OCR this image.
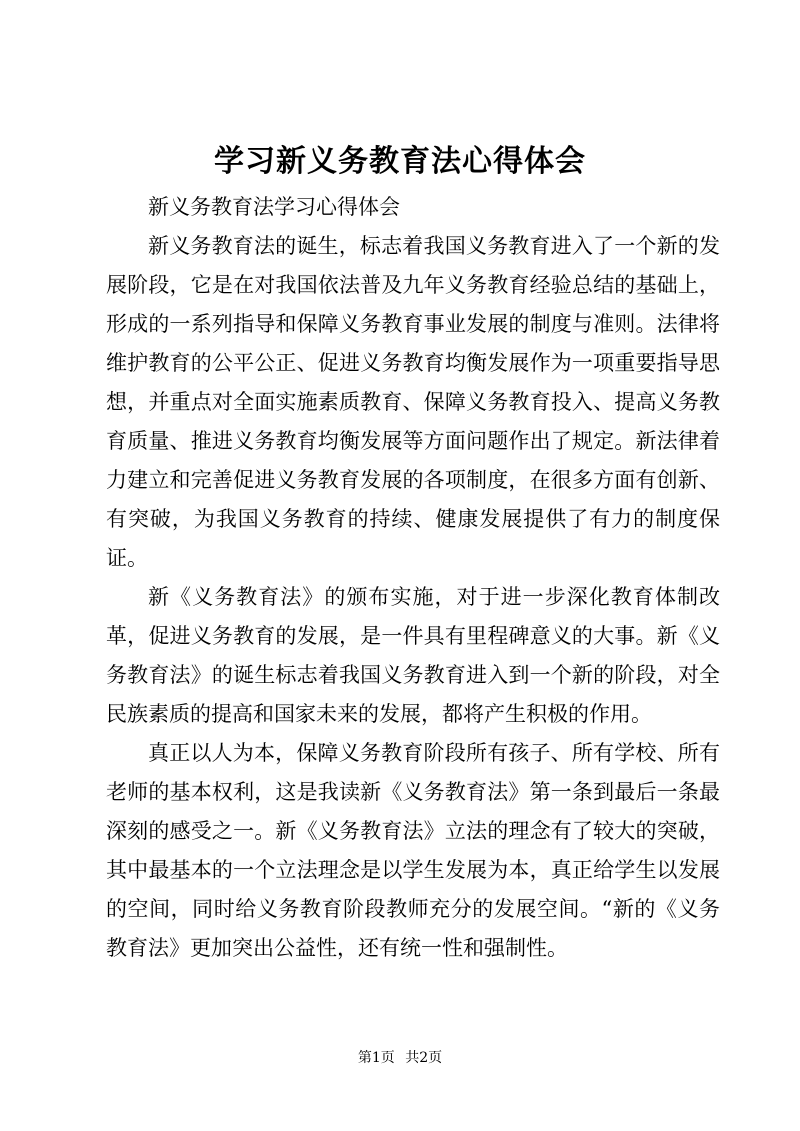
学习新义务教育法心得体会

新义务教育法学习心得体会

新义务教育法的诞生，标志着我国义务教育进入了一个新的发展阶段，它是在对我国依法普及九年义务教育经验总结的基础上，形成的一系列指导和保障义务教育事业发展的制度与准则。法律将维护教育的公平公正、促进义务教育均衡发展作为一项重要指导思想，并重点对全面实施素质教育、保障义务教育投入、提高义务教育质量、推进义务教育均衡发展等方面问题作出了规定。新法律着力建立和完善促进义务教育发展的各项制度，在很多方面有创新、有突破，为我国义务教育的持续、健康发展提供了有力的制度保证。

新《义务教育法》的颁布实施，对于进一步深化教育体制改革，促进义务教育的发展，是一件具有里程碑意义的大事。新《义务教育法》的诞生标志着我国义务教育进入到一个新的阶段，对全民族素质的提高和国家未来的发展，都将产生积极的作用。

真正以人为本，保障义务教育阶段所有孩子、所有学校、所有老师的基本权利，这是我读新《义务教育法》第一条到最后一条最深刻的感受之一。新《义务教育法》立法的理念有了较大的突破，其中最基本的一个立法理念是以学生发展为本，真正给学生以发展的空间，同时给义务教育阶段教师充分的发展空间。“新的《义务教育法》更加突出公益性，还有统一性和强制性。

第1页 共2页
